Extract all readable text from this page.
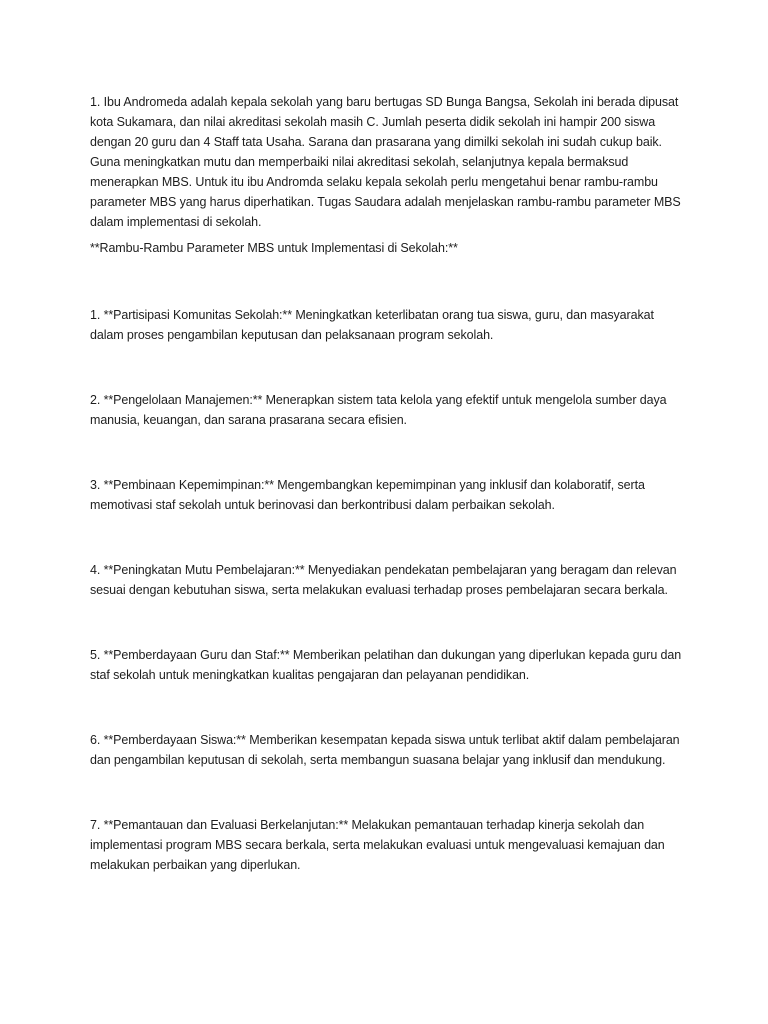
1. Ibu Andromeda adalah kepala sekolah yang baru bertugas SD Bunga Bangsa, Sekolah ini berada dipusat kota Sukamara, dan nilai akreditasi sekolah masih C. Jumlah peserta didik sekolah ini hampir 200 siswa dengan 20 guru dan 4 Staff tata Usaha. Sarana dan prasarana yang dimilki sekolah ini sudah cukup baik. Guna meningkatkan mutu dan memperbaiki nilai akreditasi sekolah, selanjutnya kepala bermaksud menerapkan MBS. Untuk itu ibu Andromda selaku kepala sekolah perlu mengetahui benar rambu-rambu parameter MBS yang harus diperhatikan. Tugas Saudara adalah menjelaskan rambu-rambu parameter MBS dalam implementasi di sekolah.

**Rambu-Rambu Parameter MBS untuk Implementasi di Sekolah:**

1. **Partisipasi Komunitas Sekolah:** Meningkatkan keterlibatan orang tua siswa, guru, dan masyarakat dalam proses pengambilan keputusan dan pelaksanaan program sekolah.

2. **Pengelolaan Manajemen:** Menerapkan sistem tata kelola yang efektif untuk mengelola sumber daya manusia, keuangan, dan sarana prasarana secara efisien.

3. **Pembinaan Kepemimpinan:** Mengembangkan kepemimpinan yang inklusif dan kolaboratif, serta memotivasi staf sekolah untuk berinovasi dan berkontribusi dalam perbaikan sekolah.

4. **Peningkatan Mutu Pembelajaran:** Menyediakan pendekatan pembelajaran yang beragam dan relevan sesuai dengan kebutuhan siswa, serta melakukan evaluasi terhadap proses pembelajaran secara berkala.

5. **Pemberdayaan Guru dan Staf:** Memberikan pelatihan dan dukungan yang diperlukan kepada guru dan staf sekolah untuk meningkatkan kualitas pengajaran dan pelayanan pendidikan.

6. **Pemberdayaan Siswa:** Memberikan kesempatan kepada siswa untuk terlibat aktif dalam pembelajaran dan pengambilan keputusan di sekolah, serta membangun suasana belajar yang inklusif dan mendukung.

7. **Pemantauan dan Evaluasi Berkelanjutan:** Melakukan pemantauan terhadap kinerja sekolah dan implementasi program MBS secara berkala, serta melakukan evaluasi untuk mengevaluasi kemajuan dan melakukan perbaikan yang diperlukan.
